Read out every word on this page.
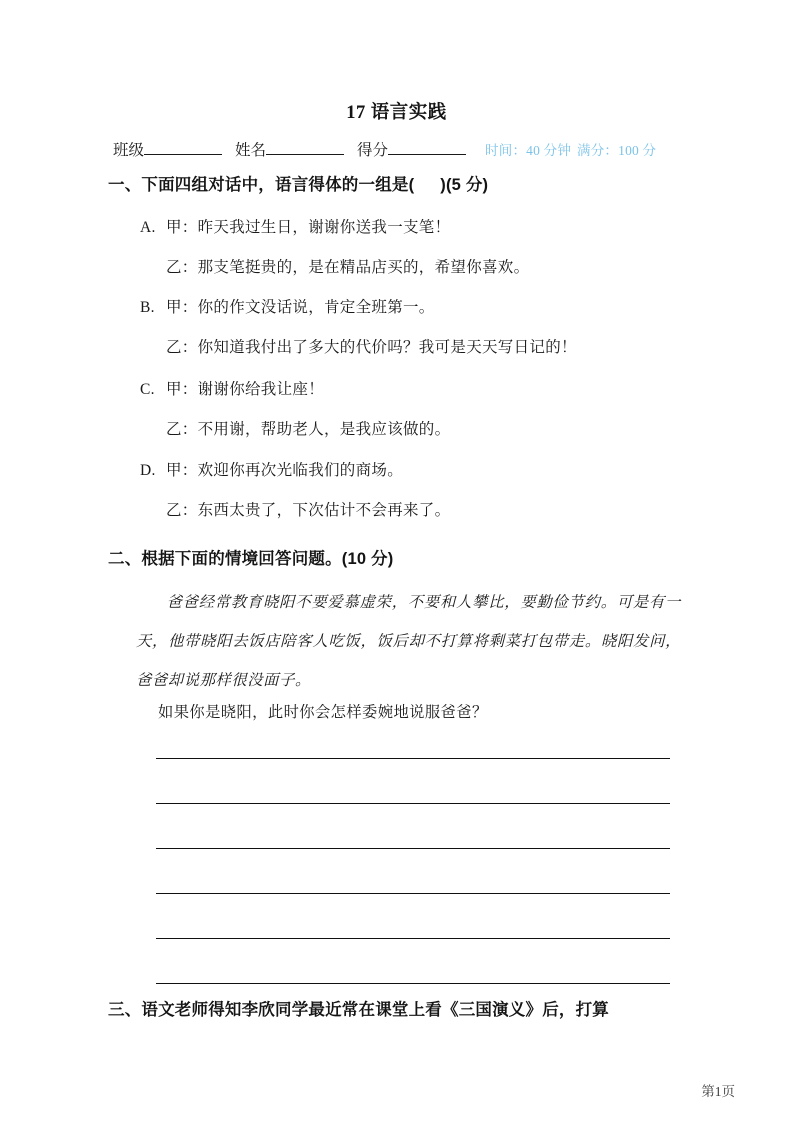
17 语言实践
班级	姓名	得分	时间：40 分钟 满分：100 分
一、下面四组对话中，语言得体的一组是( )(5 分)
A. 甲：昨天我过生日，谢谢你送我一支笔！
乙：那支笔挺贵的，是在精品店买的，希望你喜欢。
B. 甲：你的作文没话说，肯定全班第一。
乙：你知道我付出了多大的代价吗？我可是天天写日记的！
C. 甲：谢谢你给我让座！
乙：不用谢，帮助老人，是我应该做的。
D. 甲：欢迎你再次光临我们的商场。
乙：东西太贵了，下次估计不会再来了。
二、根据下面的情境回答问题。(10 分)

爸爸经常教育晓阳不要爱慕虚荣，不要和人攀比，要勤俭节约。可是有一天，他带晓阳去饭店陪客人吃饭，饭后却不打算将剩菜打包带走。晓阳发问，爸爸却说那样很没面子。

如果你是晓阳，此时你会怎样委婉地说服爸爸？
三、语文老师得知李欣同学最近常在课堂上看《三国演义》后，打算
第1页
